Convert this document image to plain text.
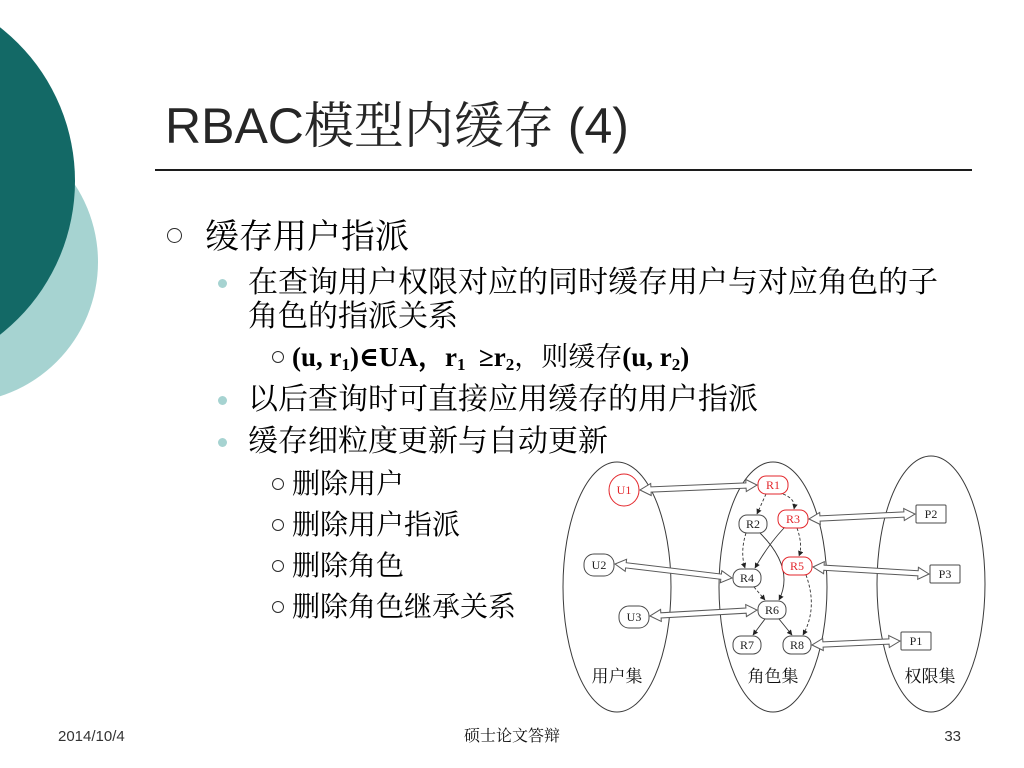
RBAC模型内缓存 (4)
缓存用户指派
在查询用户权限对应的同时缓存用户与对应角色的子
角色的指派关系
(u, $r_1)\in UA$，$r_1 \ge r_2$，则缓存(u, $r_2$)
以后查询时可直接应用缓存的用户指派
缓存细粒度更新与自动更新
删除用户
删除用户指派
删除角色
删除角色继承关系
U1
U2
U3
R1
R2 R3
R4
R5
R6
R7	R8
P2
P3
P1
用户集	角色集	权限集
2014/10/4	硕士论文答辩	33
